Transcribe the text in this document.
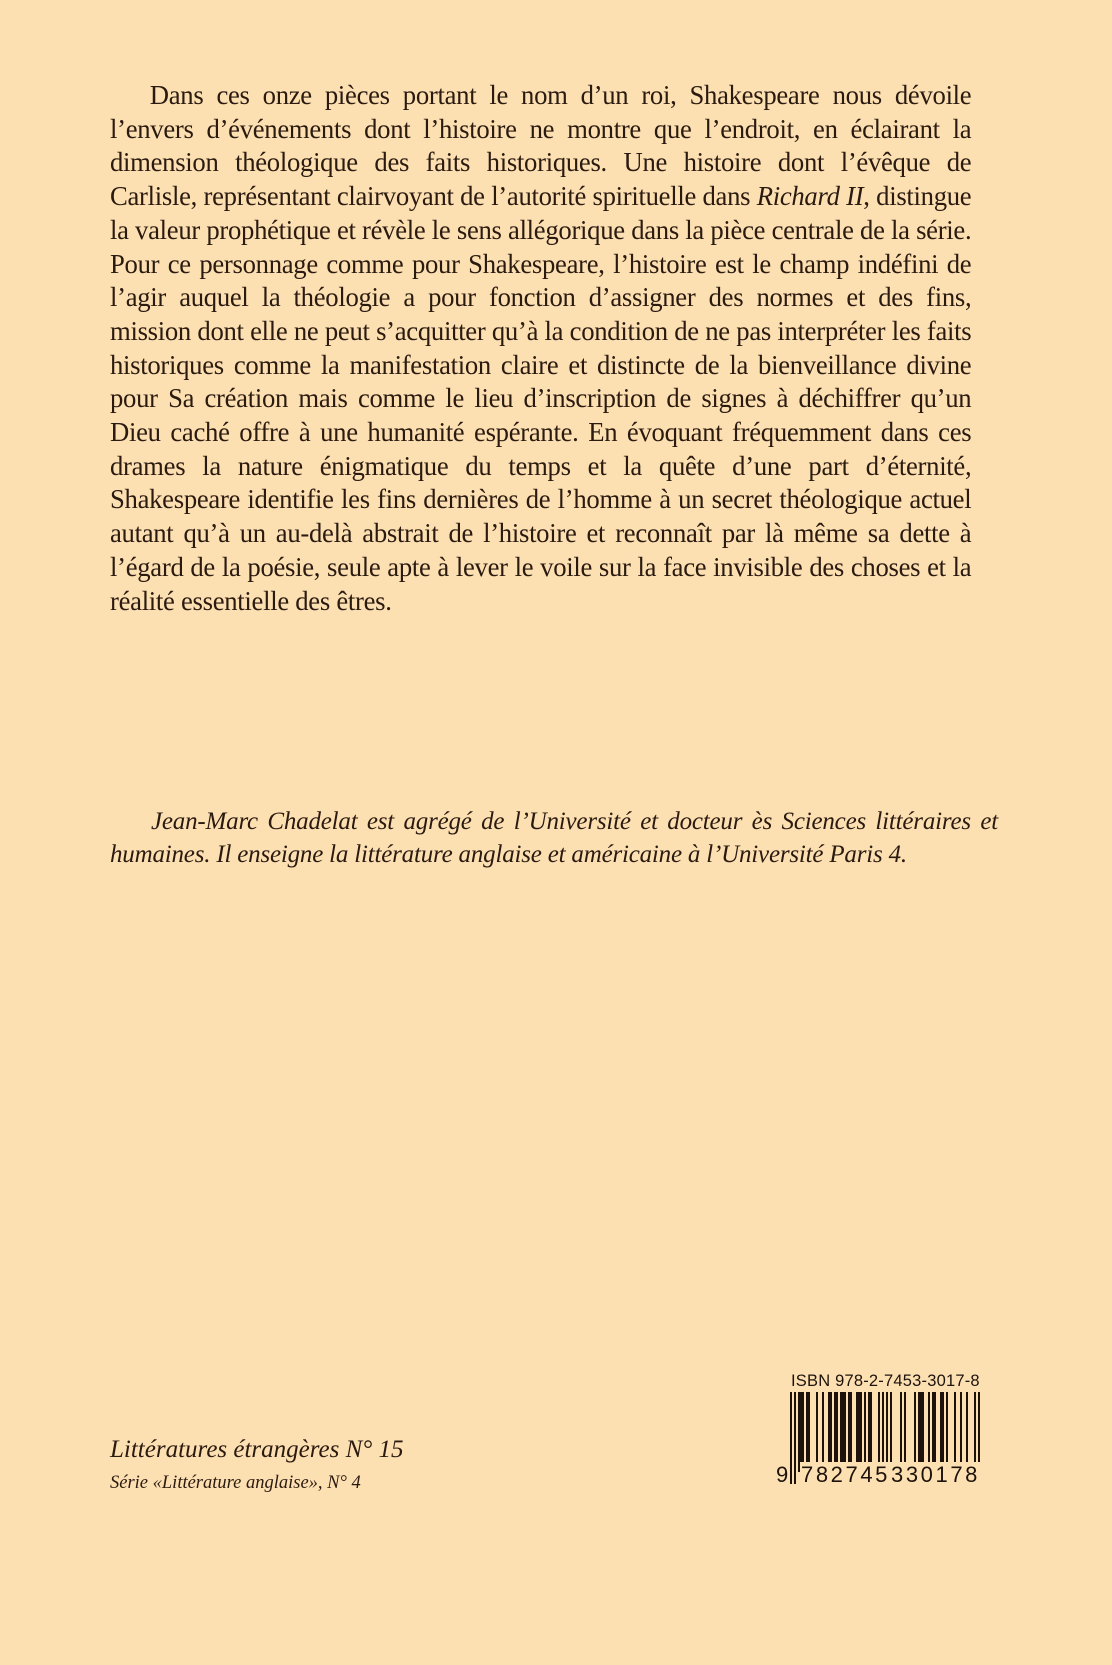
Dans ces onze pièces portant le nom d’un roi, Shakespeare nous dévoile l’envers d’événements dont l’histoire ne montre que l’endroit, en éclairant la dimension théologique des faits historiques. Une histoire dont l’évêque de Carlisle, représentant clairvoyant de l’autorité spirituelle dans Richard II, distingue la valeur prophétique et révèle le sens allégorique dans la pièce centrale de la série. Pour ce personnage comme pour Shakespeare, l’histoire est le champ indéfini de l’agir auquel la théologie a pour fonction d’assigner des normes et des fins, mission dont elle ne peut s’acquitter qu’à la condition de ne pas interpréter les faits historiques comme la manifestation claire et distincte de la bienveillance divine pour Sa création mais comme le lieu d’inscription de signes à déchiffrer qu’un Dieu caché offre à une humanité espérante. En évoquant fréquemment dans ces drames la nature énigmatique du temps et la quête d’une part d’éternité, Shakespeare identifie les fins dernières de l’homme à un secret théologique actuel autant qu’à un au-delà abstrait de l’histoire et reconnaît par là même sa dette à l’égard de la poésie, seule apte à lever le voile sur la face invisible des choses et la réalité essentielle des êtres.

Jean-Marc Chadelat est agrégé de l’Université et docteur ès Sciences littéraires et humaines. Il enseigne la littérature anglaise et américaine à l’Université Paris 4.

Littératures étrangères N° 15

Série «Littérature anglaise», N° 4

ISBN 978-2-7453-3017-8
9 782745 330178
